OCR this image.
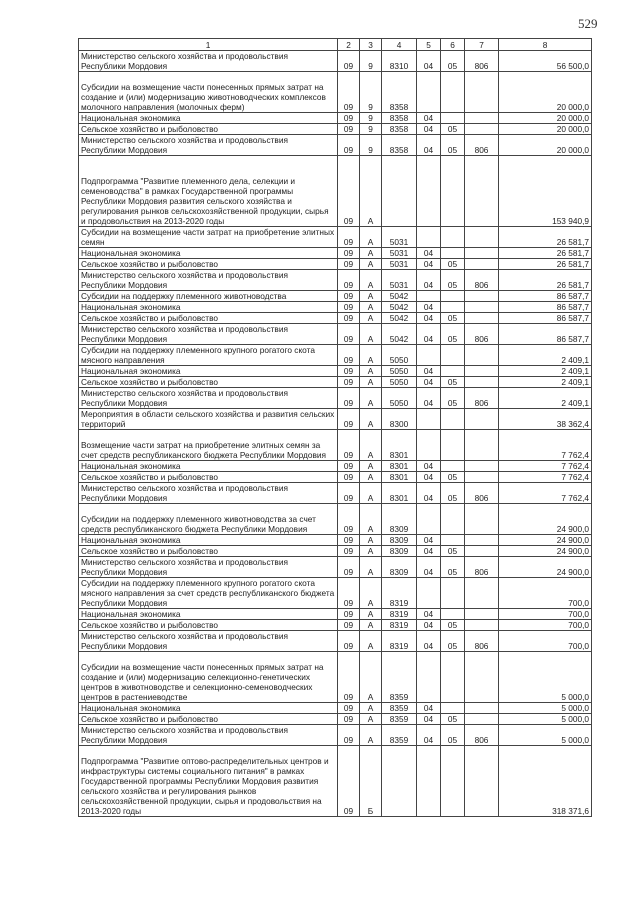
529
1	2	3	4	5	6	7	8
Министерство сельского хозяйства и продовольствия Республики Мордовия	09	9	8310	04	05	806	56 500,0
Субсидии на возмещение части понесенных прямых затрат на создание и (или) модернизацию животноводческих комплексов молочного направления (молочных ферм)	09	9	8358				20 000,0
Национальная экономика	09	9	8358	04			20 000,0
Сельское хозяйство и рыболовство	09	9	8358	04	05		20 000,0
Министерство сельского хозяйства и продовольствия Республики Мордовия	09	9	8358	04	05	806	20 000,0
Подпрограмма "Развитие племенного дела, селекции и семеноводства" в рамках Государственной программы Республики Мордовия развития сельского хозяйства и регулирования рынков сельскохозяйственной продукции, сырья и продовольствия на 2013-2020 годы	09	А					153 940,9
Субсидии на возмещение части затрат на приобретение элитных семян	09	А	5031				26 581,7
Национальная экономика	09	А	5031	04			26 581,7
Сельское хозяйство и рыболовство	09	А	5031	04	05		26 581,7
Министерство сельского хозяйства и продовольствия Республики Мордовия	09	А	5031	04	05	806	26 581,7
Субсидии на поддержку племенного животноводства	09	А	5042				86 587,7
Национальная экономика	09	А	5042	04			86 587,7
Сельское хозяйство и рыболовство	09	А	5042	04	05		86 587,7
Министерство сельского хозяйства и продовольствия Республики Мордовия	09	А	5042	04	05	806	86 587,7
Субсидии на поддержку племенного крупного рогатого скота мясного направления	09	А	5050				2 409,1
Национальная экономика	09	А	5050	04			2 409,1
Сельское хозяйство и рыболовство	09	А	5050	04	05		2 409,1
Министерство сельского хозяйства и продовольствия Республики Мордовия	09	А	5050	04	05	806	2 409,1
Мероприятия в области сельского хозяйства и развития сельских территорий	09	А	8300				38 362,4
Возмещение части затрат на приобретение элитных семян за счет средств республиканского бюджета Республики Мордовия	09	А	8301				7 762,4
Национальная экономика	09	А	8301	04			7 762,4
Сельское хозяйство и рыболовство	09	А	8301	04	05		7 762,4
Министерство сельского хозяйства и продовольствия Республики Мордовия	09	А	8301	04	05	806	7 762,4
Субсидии на поддержку племенного животноводства за счет средств республиканского бюджета Республики Мордовия	09	А	8309				24 900,0
Национальная экономика	09	А	8309	04			24 900,0
Сельское хозяйство и рыболовство	09	А	8309	04	05		24 900,0
Министерство сельского хозяйства и продовольствия Республики Мордовия	09	А	8309	04	05	806	24 900,0
Субсидии на поддержку племенного крупного рогатого скота мясного направления за счет средств республиканского бюджета Республики Мордовия	09	А	8319				700,0
Национальная экономика	09	А	8319	04			700,0
Сельское хозяйство и рыболовство	09	А	8319	04	05		700,0
Министерство сельского хозяйства и продовольствия Республики Мордовия	09	А	8319	04	05	806	700,0
Субсидии на возмещение части понесенных прямых затрат на создание и (или) модернизацию селекционно-генетических центров в животноводстве и селекционно-семеноводческих центров в растениеводстве	09	А	8359				5 000,0
Национальная экономика	09	А	8359	04			5 000,0
Сельское хозяйство и рыболовство	09	А	8359	04	05		5 000,0
Министерство сельского хозяйства и продовольствия Республики Мордовия	09	А	8359	04	05	806	5 000,0
Подпрограмма "Развитие оптово-распределительных центров и инфраструктуры системы социального питания" в рамках Государственной программы Республики Мордовия развития сельского хозяйства и регулирования рынков сельскохозяйственной продукции, сырья и продовольствия на 2013-2020 годы	09	Б					318 371,6
